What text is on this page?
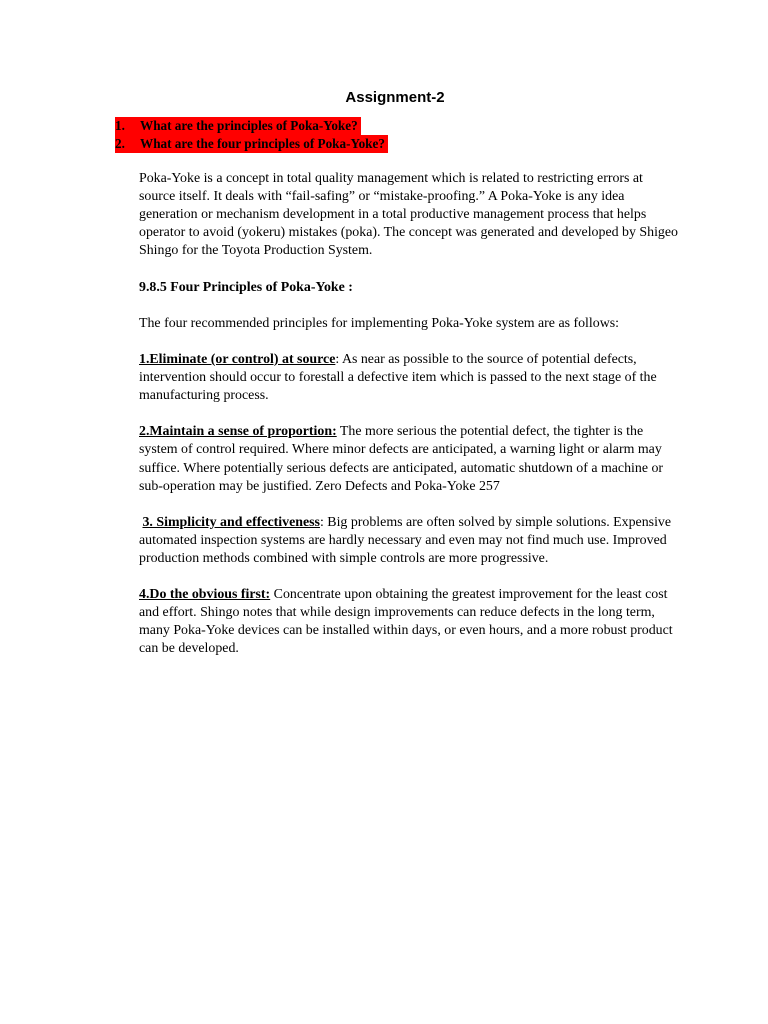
Assignment-2
1. What are the principles of Poka-Yoke?
2. What are the four principles of Poka-Yoke?

Poka-Yoke is a concept in total quality management which is related to restricting errors at source itself. It deals with “fail-safing” or “mistake-proofing.” A Poka-Yoke is any idea generation or mechanism development in a total productive management process that helps operator to avoid (yokeru) mistakes (poka). The concept was generated and developed by Shigeo Shingo for the Toyota Production System.

9.8.5 Four Principles of Poka-Yoke :

The four recommended principles for implementing Poka-Yoke system are as follows:

1.Eliminate (or control) at source: As near as possible to the source of potential defects, intervention should occur to forestall a defective item which is passed to the next stage of the manufacturing process.

2.Maintain a sense of proportion: The more serious the potential defect, the tighter is the system of control required. Where minor defects are anticipated, a warning light or alarm may suffice. Where potentially serious defects are anticipated, automatic shutdown of a machine or sub-operation may be justified. Zero Defects and Poka-Yoke 257

3. Simplicity and effectiveness: Big problems are often solved by simple solutions. Expensive automated inspection systems are hardly necessary and even may not find much use. Improved production methods combined with simple controls are more progressive.

4.Do the obvious first: Concentrate upon obtaining the greatest improvement for the least cost and effort. Shingo notes that while design improvements can reduce defects in the long term, many Poka-Yoke devices can be installed within days, or even hours, and a more robust product can be developed.
